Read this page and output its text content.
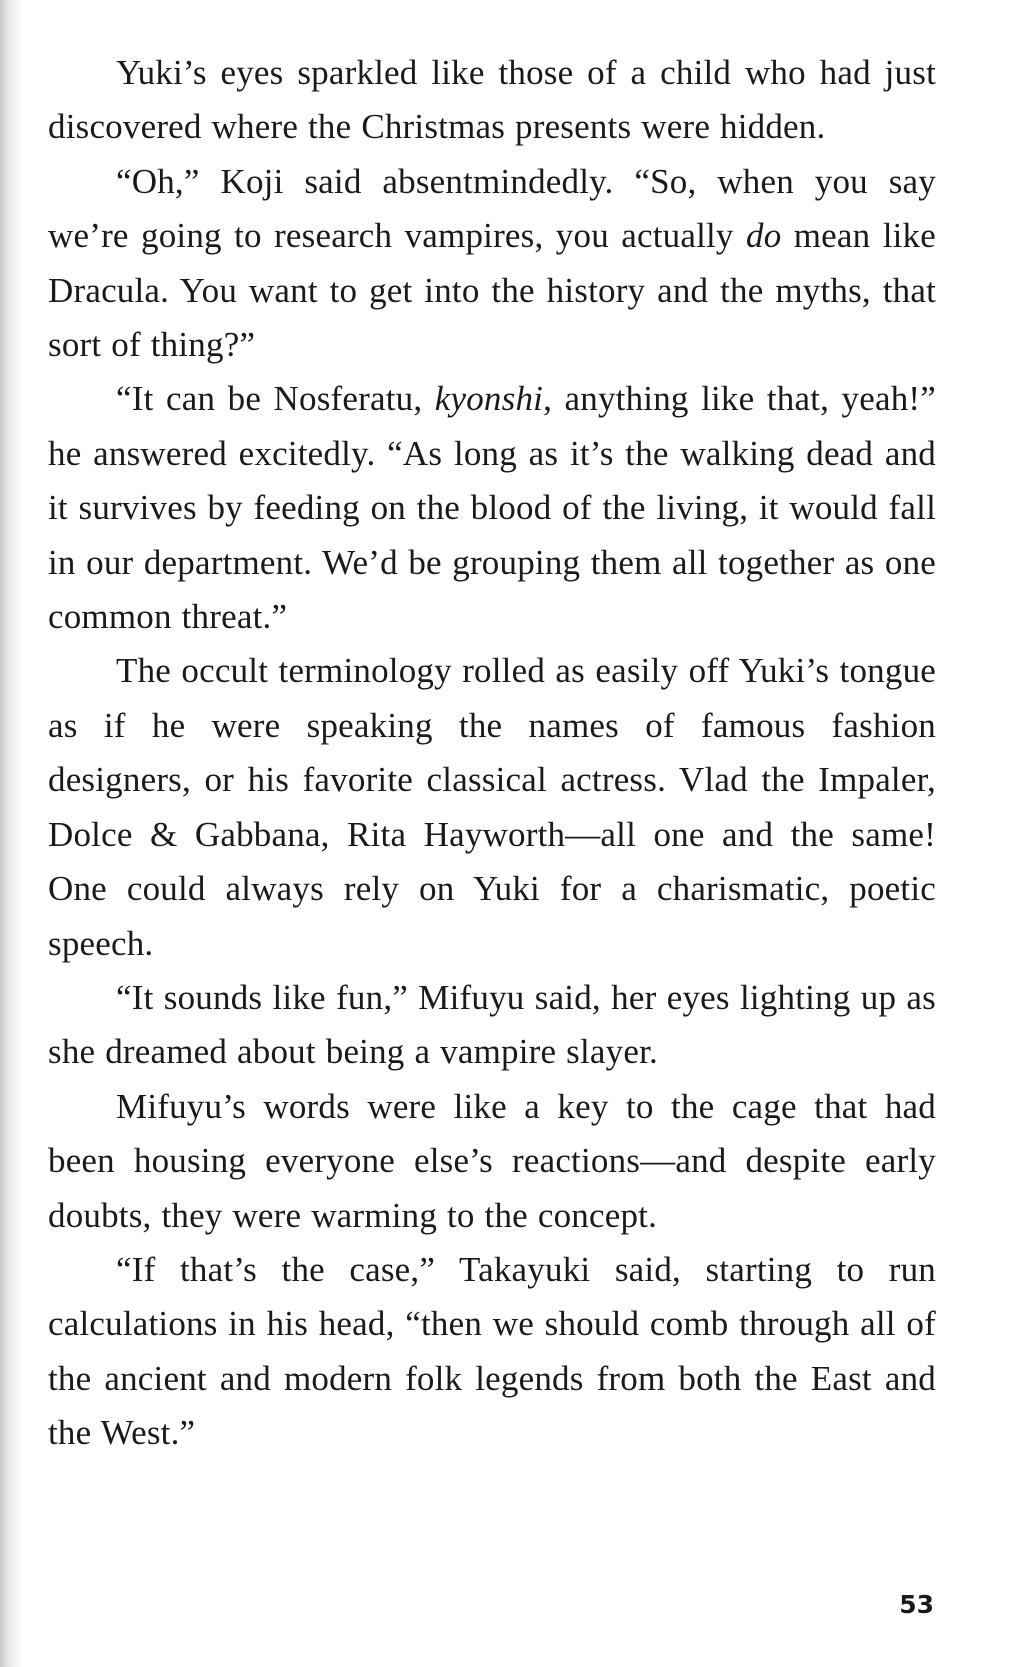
Yuki’s eyes sparkled like those of a child who had just discovered where the Christmas presents were hidden.

“Oh,” Koji said absentmindedly. “So, when you say we’re going to research vampires, you actually do mean like Dracula. You want to get into the history and the myths, that sort of thing?”

“It can be Nosferatu, kyonshi, anything like that, yeah!” he answered excitedly. “As long as it’s the walking dead and it survives by feeding on the blood of the living, it would fall in our department. We’d be grouping them all together as one common threat.”

The occult terminology rolled as easily off Yuki’s tongue as if he were speaking the names of famous fashion designers, or his favorite classical actress. Vlad the Impaler, Dolce & Gabbana, Rita Hayworth—all one and the same! One could always rely on Yuki for a charismatic, poetic speech.

“It sounds like fun,” Mifuyu said, her eyes lighting up as she dreamed about being a vampire slayer.

Mifuyu’s words were like a key to the cage that had been housing everyone else’s reactions—and despite early doubts, they were warming to the concept.

“If that’s the case,” Takayuki said, starting to run calculations in his head, “then we should comb through all of the ancient and modern folk legends from both the East and the West.”

53
